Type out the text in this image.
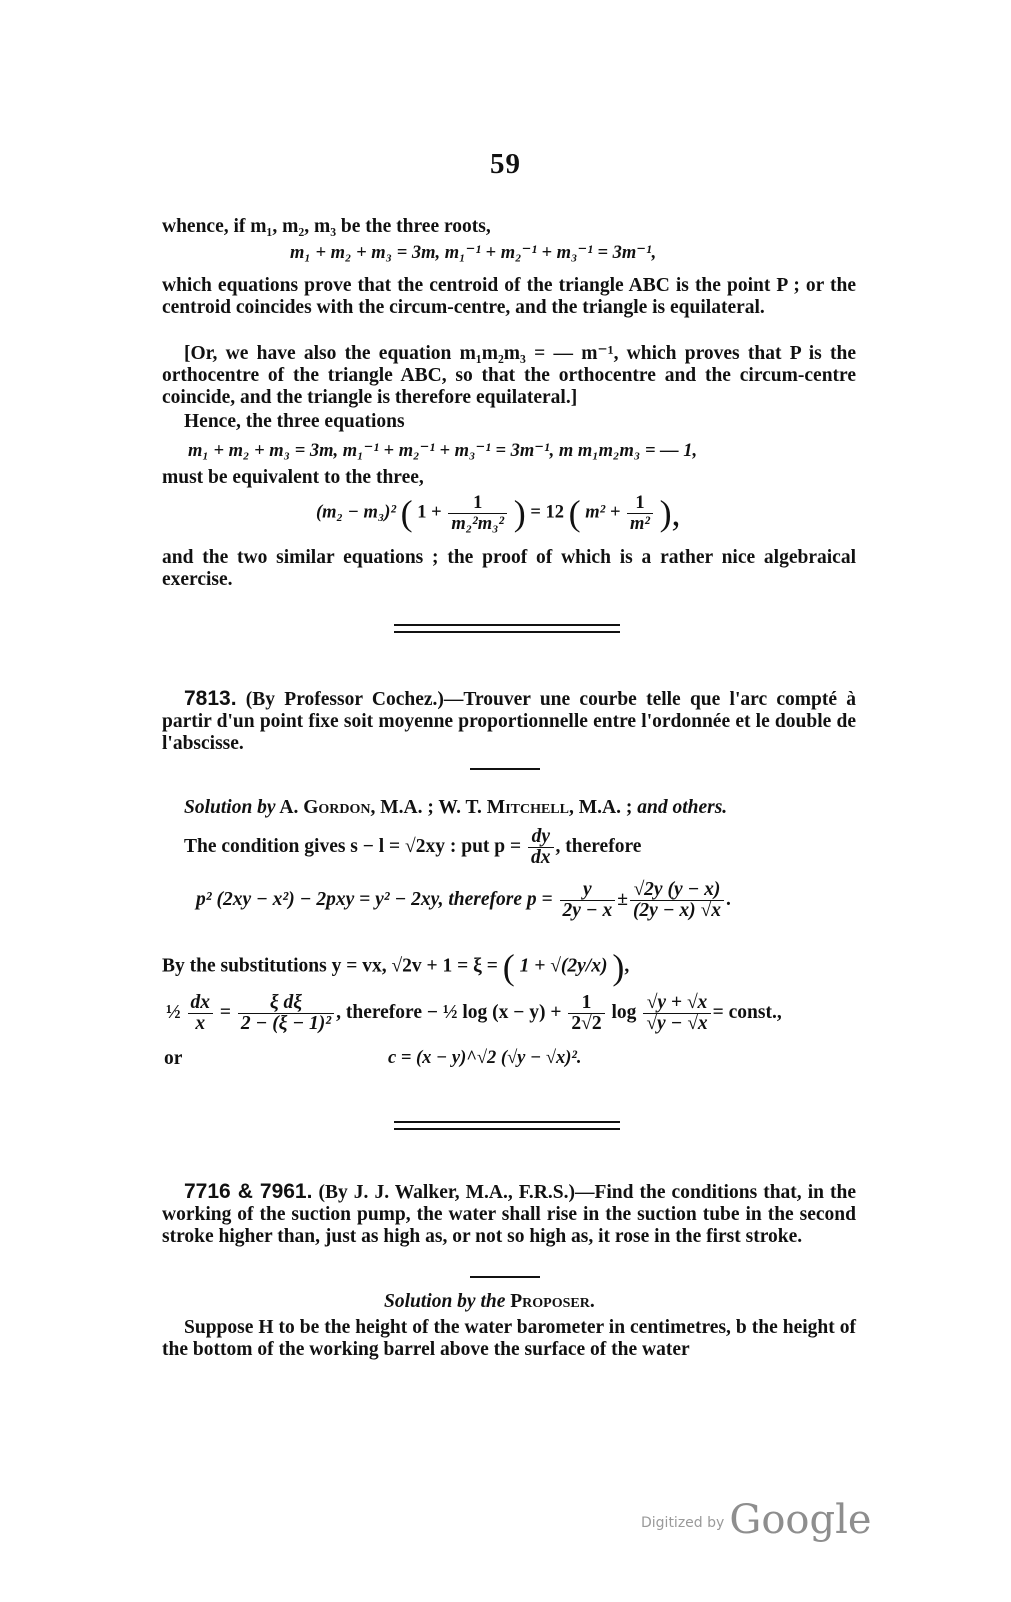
59
whence, if m₁, m₂, m₃ be the three roots,
m₁ + m₂ + m₃ = 3m, m₁⁻¹ + m₂⁻¹ + m₃⁻¹ = 3m⁻¹,
which equations prove that the centroid of the triangle ABC is the point P ; or the centroid coincides with the circum-centre, and the triangle is equilateral.
[Or, we have also the equation m₁m₂m₃ = — m⁻¹, which proves that P is the orthocentre of the triangle ABC, so that the orthocentre and the circum-centre coincide, and the triangle is therefore equilateral.]
Hence, the three equations
m₁ + m₂ + m₃ = 3m, m₁⁻¹ + m₂⁻¹ + m₃⁻¹ = 3m⁻¹, m m₁m₂m₃ = — 1,
must be equivalent to the three,
(m₂ − m₃)² ( $1 + \frac{1}{\text{m₂²m₃²}}$ ) = 12 ( $m^2 + \frac{1}{\text{m²}}$ ),
and the two similar equations ; the proof of which is a rather nice algebraical exercise.
7813. (By Professor Cochez.)—Trouver une courbe telle que l'arc compté à partir d'un point fixe soit moyenne proportionnelle entre l'ordonnée et le double de l'abscisse.
Solution by A. Gordon, M.A. ; W. T. Mitchell, M.A. ; and others.
The condition gives s − l = √2xy : put $p = \frac{dy}{dx}$ , therefore
p² (2xy − x²) − 2pxy = y² − 2xy, therefore $p = \frac{y}{2y - x} \pm \frac{√2y (y - x)}{(2y - x) √x}$ .
By the substitutions y = vx, √2v + 1 = ξ = ( 1 + √(2y/x) ),
½ $\frac{dx}{x} = \frac{\text{ξ dξ}}{\text{2 − (ξ − 1)²}}$ , therefore − ½ $\log (x - y) + \frac{1}{2√2}$ $\log \frac{√y + √x}{√y - √x}$ = const.,
or	c = (x − y)^√2 (√y − √x)².
7716 & 7961. (By J. J. Walker, M.A., F.R.S.)—Find the conditions that, in the working of the suction pump, the water shall rise in the suction tube in the second stroke higher than, just as high as, or not so high as, it rose in the first stroke.
Solution by the Proposer.
Suppose H to be the height of the water barometer in centimetres, b the height of the bottom of the working barrel above the surface of the water
Digitized by Google
